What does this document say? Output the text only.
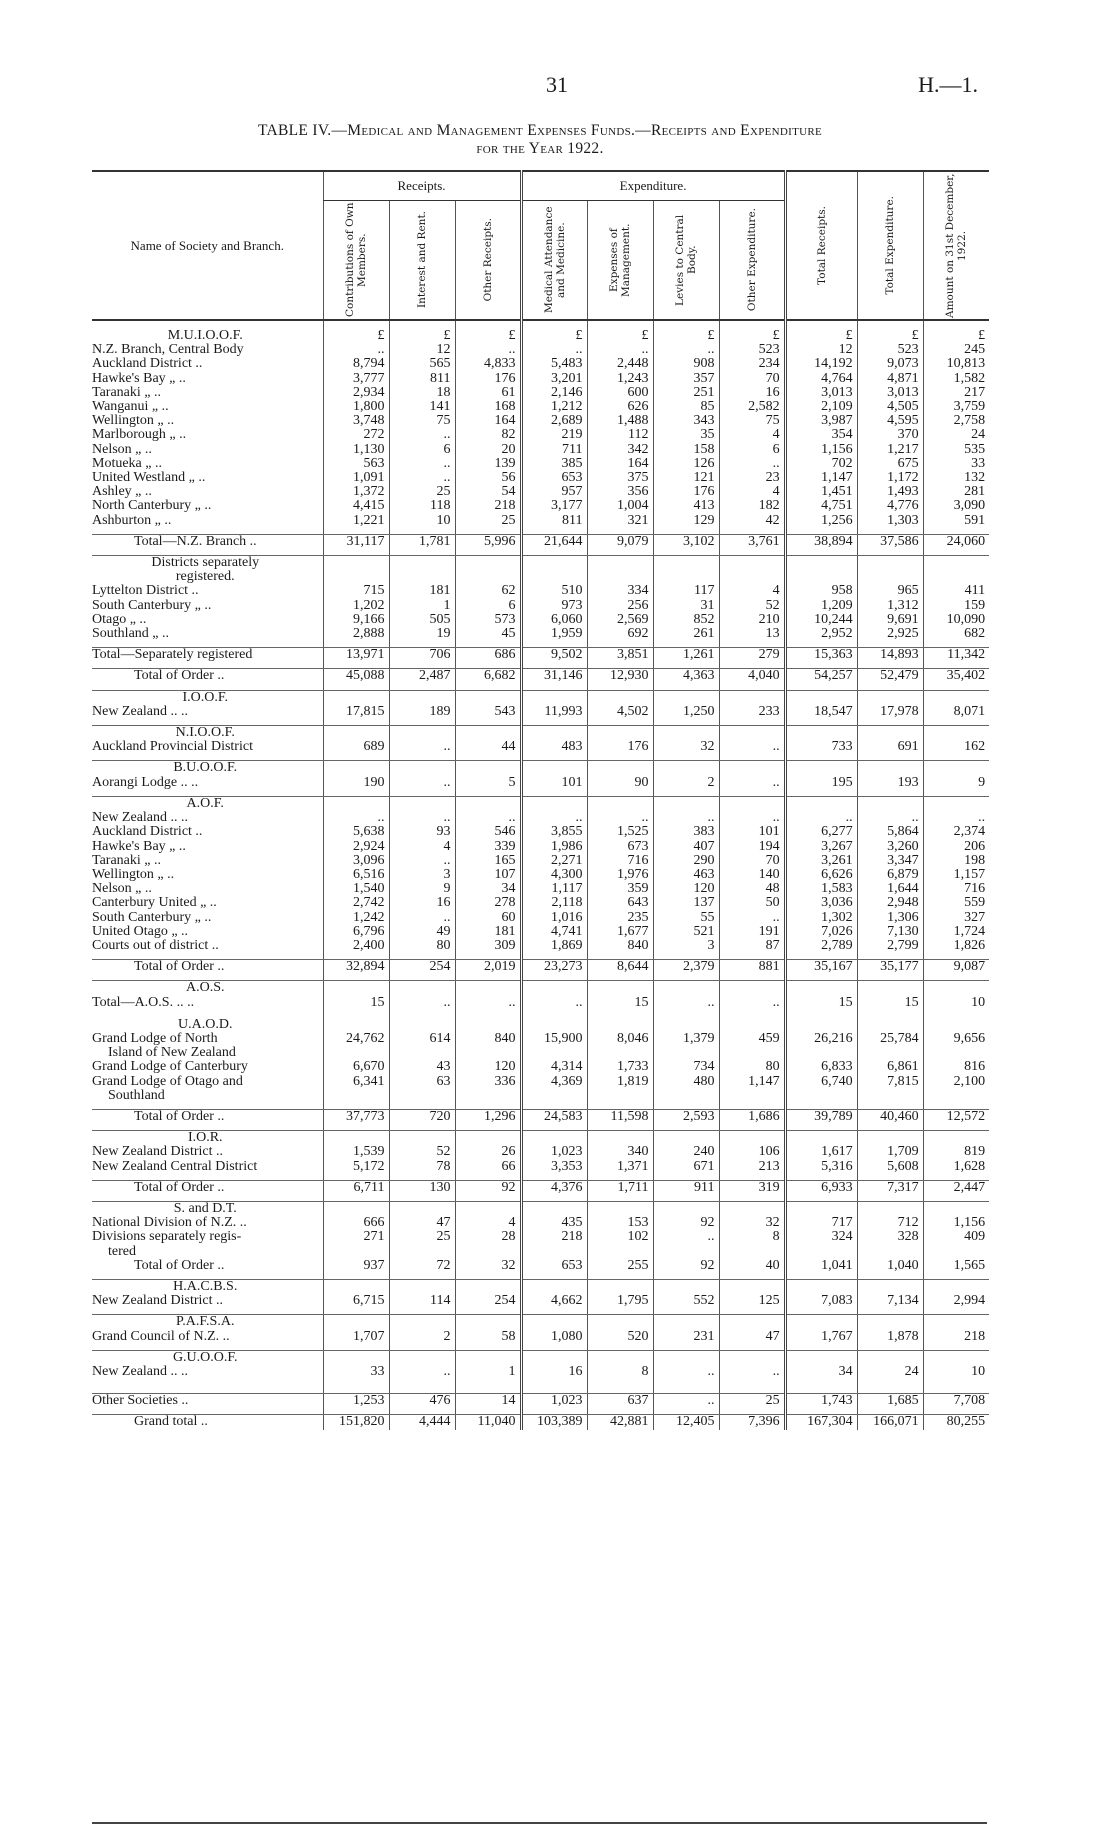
31	H.—1.
TABLE IV.—Medical and Management Expenses Funds.—Receipts and Expenditure
for the Year 1922.
Name of Society and Branch.	Receipts.			Expenditure.				Total Receipts.	Total Expenditure.	Amount on 31st December, 1922.

	Contributions of Own Members.	Interest and Rent.	Other Receipts.	Medical Attendance and Medicine.	Expenses of Management.	Levies to Central Body.	Other Expenditure.			

M.U.I.O.O.F.	£	£	£	£	£	£	£	£	£	£
N.Z. Branch, Central Body	..	12	..	..	..	..	523	12	523	245
Auckland District ..	8,794	565	4,833	5,483	2,448	908	234	14,192	9,073	10,813
Hawke's Bay „ ..	3,777	811	176	3,201	1,243	357	70	4,764	4,871	1,582
Taranaki „ ..	2,934	18	61	2,146	600	251	16	3,013	3,013	217
Wanganui „ ..	1,800	141	168	1,212	626	85	2,582	2,109	4,505	3,759
Wellington „ ..	3,748	75	164	2,689	1,488	343	75	3,987	4,595	2,758
Marlborough „ ..	272	..	82	219	112	35	4	354	370	24
Nelson „ ..	1,130	6	20	711	342	158	6	1,156	1,217	535
Motueka „ ..	563	..	139	385	164	126	..	702	675	33
United Westland „ ..	1,091	..	56	653	375	121	23	1,147	1,172	132
Ashley „ ..	1,372	25	54	957	356	176	4	1,451	1,493	281
North Canterbury „ ..	4,415	118	218	3,177	1,004	413	182	4,751	4,776	3,090
Ashburton „ ..	1,221	10	25	811	321	129	42	1,256	1,303	591

Total—N.Z. Branch ..	31,117	1,781	5,996	21,644	9,079	3,102	3,761	38,894	37,586	24,060

Districts separately										
registered.										
Lyttelton District ..	715	181	62	510	334	117	4	958	965	411
South Canterbury „ ..	1,202	1	6	973	256	31	52	1,209	1,312	159
Otago „ ..	9,166	505	573	6,060	2,569	852	210	10,244	9,691	10,090
Southland „ ..	2,888	19	45	1,959	692	261	13	2,952	2,925	682

Total—Separately registered	13,971	706	686	9,502	3,851	1,261	279	15,363	14,893	11,342

Total of Order ..	45,088	2,487	6,682	31,146	12,930	4,363	4,040	54,257	52,479	35,402

I.O.O.F.										
New Zealand .. ..	17,815	189	543	11,993	4,502	1,250	233	18,547	17,978	8,071

N.I.O.O.F.										
Auckland Provincial District	689	..	44	483	176	32	..	733	691	162

B.U.O.O.F.										
Aorangi Lodge .. ..	190	..	5	101	90	2	..	195	193	9

A.O.F.										
New Zealand .. ..	..	..	..	..	..	..	..	..	..	..
Auckland District ..	5,638	93	546	3,855	1,525	383	101	6,277	5,864	2,374
Hawke's Bay „ ..	2,924	4	339	1,986	673	407	194	3,267	3,260	206
Taranaki „ ..	3,096	..	165	2,271	716	290	70	3,261	3,347	198
Wellington „ ..	6,516	3	107	4,300	1,976	463	140	6,626	6,879	1,157
Nelson „ ..	1,540	9	34	1,117	359	120	48	1,583	1,644	716
Canterbury United „ ..	2,742	16	278	2,118	643	137	50	3,036	2,948	559
South Canterbury „ ..	1,242	..	60	1,016	235	55	..	1,302	1,306	327
United Otago „ ..	6,796	49	181	4,741	1,677	521	191	7,026	7,130	1,724
Courts out of district ..	2,400	80	309	1,869	840	3	87	2,789	2,799	1,826

Total of Order ..	32,894	254	2,019	23,273	8,644	2,379	881	35,167	35,177	9,087

A.O.S.										
Total—A.O.S. .. ..	15	..	..	..	15	..	..	15	15	10

U.A.O.D.										
Grand Lodge of North	24,762	614	840	15,900	8,046	1,379	459	26,216	25,784	9,656
Island of New Zealand										
Grand Lodge of Canterbury	6,670	43	120	4,314	1,733	734	80	6,833	6,861	816
Grand Lodge of Otago and	6,341	63	336	4,369	1,819	480	1,147	6,740	7,815	2,100
Southland										

Total of Order ..	37,773	720	1,296	24,583	11,598	2,593	1,686	39,789	40,460	12,572

I.O.R.										
New Zealand District ..	1,539	52	26	1,023	340	240	106	1,617	1,709	819
New Zealand Central District	5,172	78	66	3,353	1,371	671	213	5,316	5,608	1,628

Total of Order ..	6,711	130	92	4,376	1,711	911	319	6,933	7,317	2,447

S. and D.T.										
National Division of N.Z. ..	666	47	4	435	153	92	32	717	712	1,156
Divisions separately regis-	271	25	28	218	102	..	8	324	328	409
tered										
Total of Order ..	937	72	32	653	255	92	40	1,041	1,040	1,565

H.A.C.B.S.										
New Zealand District ..	6,715	114	254	4,662	1,795	552	125	7,083	7,134	2,994

P.A.F.S.A.										
Grand Council of N.Z. ..	1,707	2	58	1,080	520	231	47	1,767	1,878	218

G.U.O.O.F.										
New Zealand .. ..	33	..	1	16	8	..	..	34	24	10

Other Societies ..	1,253	476	14	1,023	637	..	25	1,743	1,685	7,708

Grand total ..	151,820	4,444	11,040	103,389	42,881	12,405	7,396	167,304	166,071	80,255
